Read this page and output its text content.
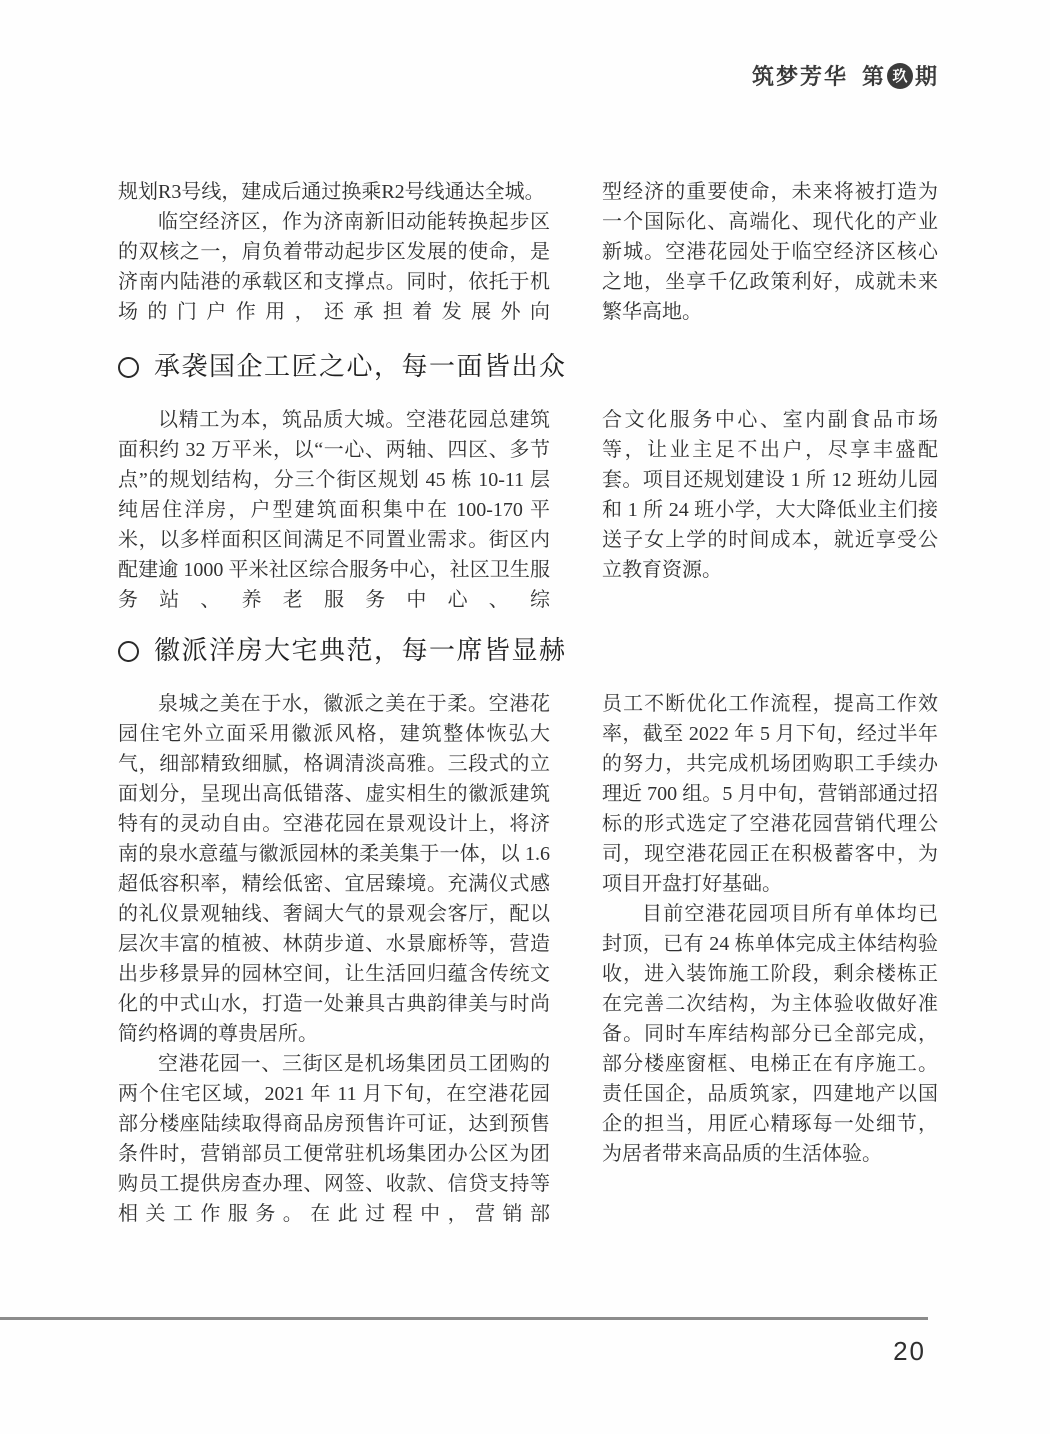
筑梦芳华 第 玖 期

规划R3号线，建成后通过换乘R2号线通达全城。

临空经济区，作为济南新旧动能转换起步区的双核之一，肩负着带动起步区发展的使命，是济南内陆港的承载区和支撑点。同时，依托于机场的门户作用，还承担着发展外向

型经济的重要使命，未来将被打造为一个国际化、高端化、现代化的产业新城。空港花园处于临空经济区核心之地，坐享千亿政策利好，成就未来繁华高地。

承袭国企工匠之心，每一面皆出众

以精工为本，筑品质大城。空港花园总建筑面积约 32 万平米，以“一心、两轴、四区、多节点”的规划结构，分三个街区规划 45 栋 10-11 层纯居住洋房，户型建筑面积集中在 100-170 平米，以多样面积区间满足不同置业需求。街区内配建逾 1000 平米社区综合服务中心，社区卫生服务站、养老服务中心、综

合文化服务中心、室内副食品市场等，让业主足不出户，尽享丰盛配套。项目还规划建设 1 所 12 班幼儿园和 1 所 24 班小学，大大降低业主们接送子女上学的时间成本，就近享受公立教育资源。

徽派洋房大宅典范，每一席皆显赫

泉城之美在于水，徽派之美在于柔。空港花园住宅外立面采用徽派风格，建筑整体恢弘大气，细部精致细腻，格调清淡高雅。三段式的立面划分，呈现出高低错落、虚实相生的徽派建筑特有的灵动自由。空港花园在景观设计上，将济南的泉水意蕴与徽派园林的柔美集于一体，以 1.6 超低容积率，精绘低密、宜居臻境。充满仪式感的礼仪景观轴线、奢阔大气的景观会客厅，配以层次丰富的植被、林荫步道、水景廊桥等，营造出步移景异的园林空间，让生活回归蕴含传统文化的中式山水，打造一处兼具古典韵律美与时尚简约格调的尊贵居所。

空港花园一、三街区是机场集团员工团购的两个住宅区域，2021 年 11 月下旬，在空港花园部分楼座陆续取得商品房预售许可证，达到预售条件时，营销部员工便常驻机场集团办公区为团购员工提供房查办理、网签、收款、信贷支持等相关工作服务。在此过程中，营销部

员工不断优化工作流程，提高工作效率，截至 2022 年 5 月下旬，经过半年的努力，共完成机场团购职工手续办理近 700 组。5 月中旬，营销部通过招标的形式选定了空港花园营销代理公司，现空港花园正在积极蓄客中，为项目开盘打好基础。

目前空港花园项目所有单体均已封顶，已有 24 栋单体完成主体结构验收，进入装饰施工阶段，剩余楼栋正在完善二次结构，为主体验收做好准备。同时车库结构部分已全部完成，部分楼座窗框、电梯正在有序施工。责任国企，品质筑家，四建地产以国企的担当，用匠心精琢每一处细节，为居者带来高品质的生活体验。

20
